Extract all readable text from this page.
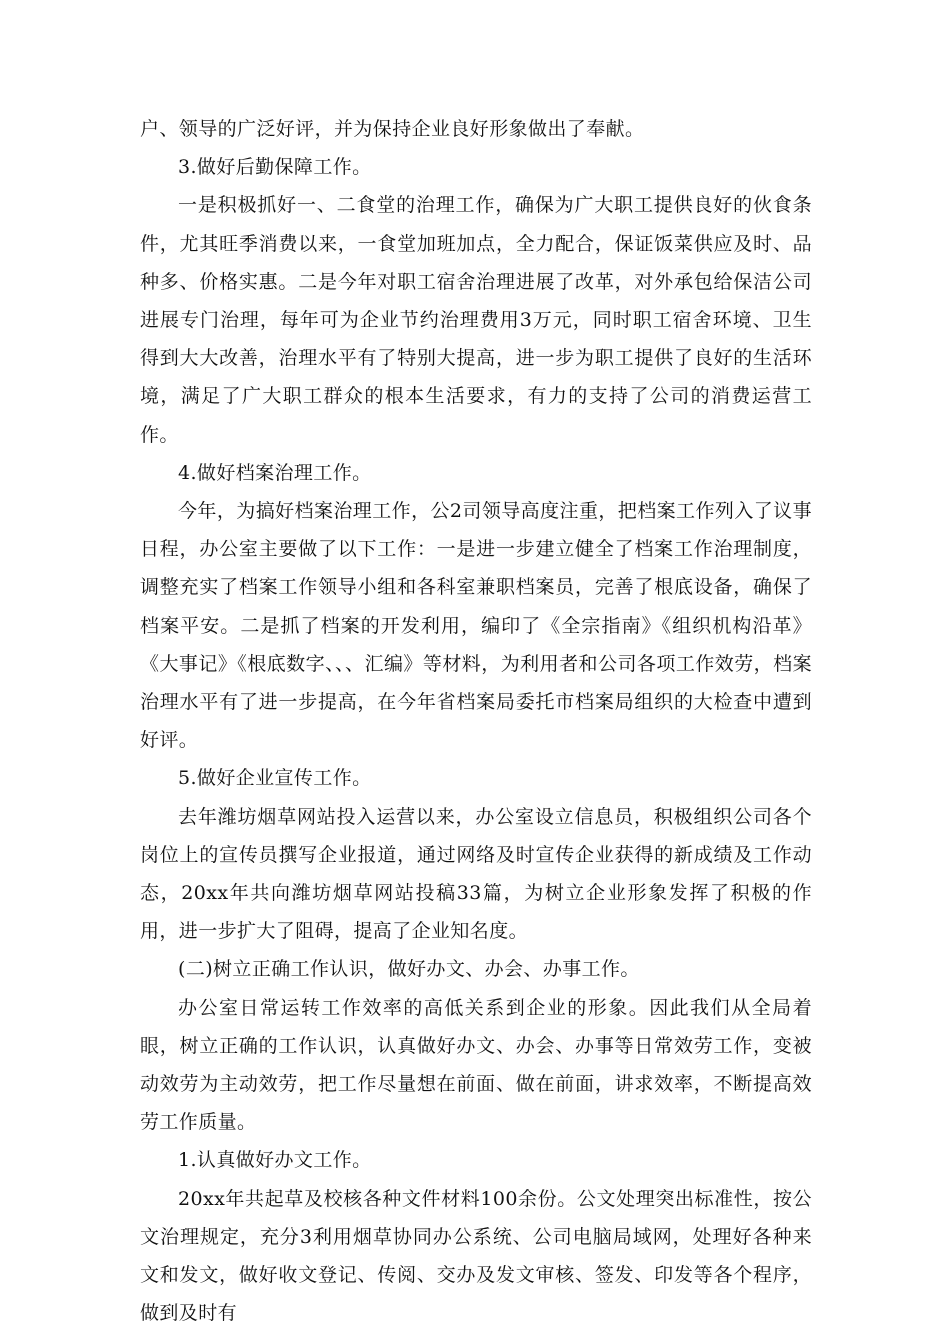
户、领导的广泛好评，并为保持企业良好形象做出了奉献。

3.做好后勤保障工作。

一是积极抓好一、二食堂的治理工作，确保为广大职工提供良好的伙食条件，尤其旺季消费以来，一食堂加班加点，全力配合，保证饭菜供应及时、品种多、价格实惠。二是今年对职工宿舍治理进展了改革，对外承包给保洁公司进展专门治理，每年可为企业节约治理费用3万元，同时职工宿舍环境、卫生得到大大改善，治理水平有了特别大提高，进一步为职工提供了良好的生活环境，满足了广大职工群众的根本生活要求，有力的支持了公司的消费运营工作。

4.做好档案治理工作。

今年，为搞好档案治理工作，公2司领导高度注重，把档案工作列入了议事日程，办公室主要做了以下工作：一是进一步建立健全了档案工作治理制度，调整充实了档案工作领导小组和各科室兼职档案员，完善了根底设备，确保了档案平安。二是抓了档案的开发利用，编印了《全宗指南》《组织机构沿革》《大事记》《根底数字、、、汇编》等材料，为利用者和公司各项工作效劳，档案治理水平有了进一步提高，在今年省档案局委托市档案局组织的大检查中遭到好评。

5.做好企业宣传工作。

去年潍坊烟草网站投入运营以来，办公室设立信息员，积极组织公司各个岗位上的宣传员撰写企业报道，通过网络及时宣传企业获得的新成绩及工作动态，20xx年共向潍坊烟草网站投稿33篇，为树立企业形象发挥了积极的作用，进一步扩大了阻碍，提高了企业知名度。

(二)树立正确工作认识，做好办文、办会、办事工作。

办公室日常运转工作效率的高低关系到企业的形象。因此我们从全局着眼，树立正确的工作认识，认真做好办文、办会、办事等日常效劳工作，变被动效劳为主动效劳，把工作尽量想在前面、做在前面，讲求效率，不断提高效劳工作质量。

1.认真做好办文工作。

20xx年共起草及校核各种文件材料100余份。公文处理突出标准性，按公文治理规定，充分3利用烟草协同办公系统、公司电脑局域网，处理好各种来文和发文，做好收文登记、传阅、交办及发文审核、签发、印发等各个程序，做到及时有
